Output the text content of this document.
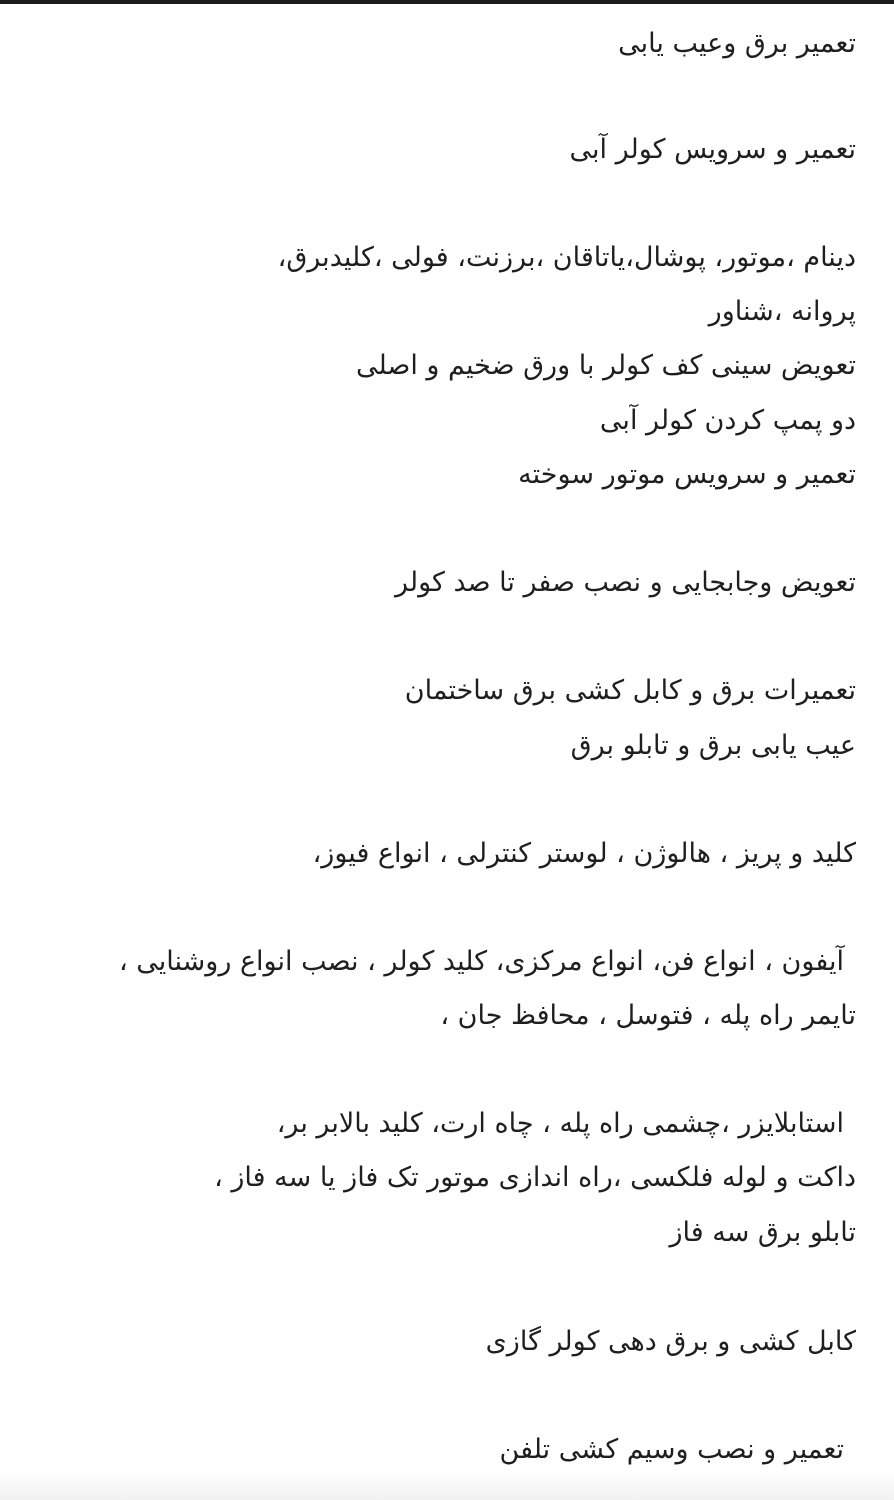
تعمیر برق وعیب یابی
تعمیر و سرویس کولر آبی
دینام ،موتور، پوشال،یاتاقان ،برزنت، فولی ،کلیدبرق،
پروانه ،شناور
تعویض سینی کف کولر با ورق ضخیم و اصلی
دو پمپ کردن کولر آبی
تعمیر و سرویس موتور سوخته
تعویض وجابجایی و نصب صفر تا صد کولر
تعمیرات برق و کابل کشی برق ساختمان
عیب یابی برق و تابلو برق
کلید و پریز ، هالوژن ، لوستر کنترلی ، انواع فیوز،
آیفون ، انواع فن، انواع مرکزی، کلید کولر ، نصب انواع روشنایی ،
تایمر راه پله ، فتوسل ، محافظ جان ،
استابلایزر ،چشمی راه پله ، چاه ارت، کلید بالابر بر،
داکت و لوله فلکسی ،راه اندازی موتور تک فاز یا سه فاز ،
تابلو برق سه فاز
کابل کشی و برق دهی کولر گازی
تعمیر و نصب وسیم کشی تلفن
